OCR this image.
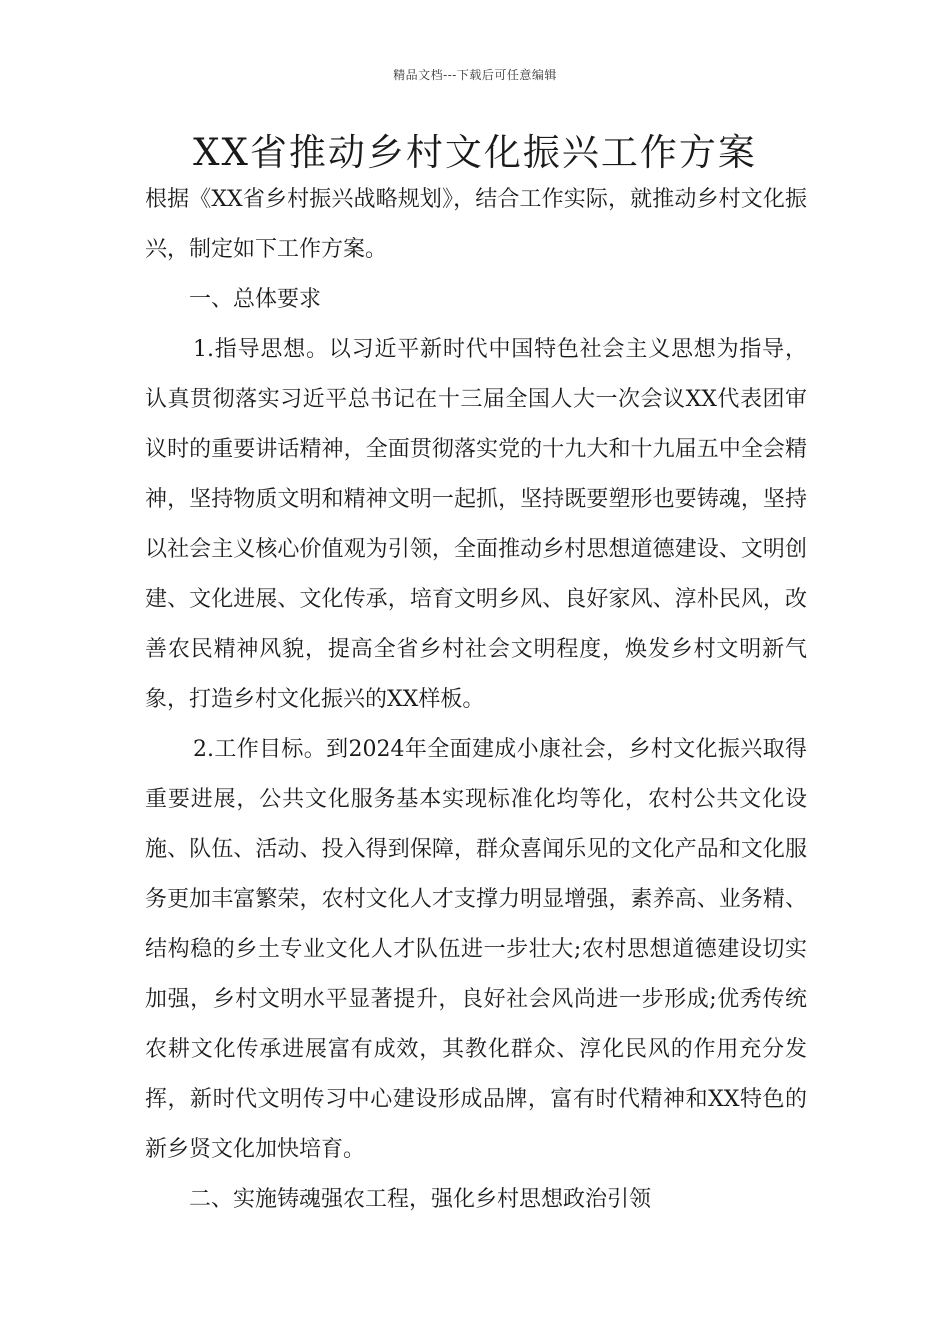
精品文档---下载后可任意编辑
XX省推动乡村文化振兴工作方案

根据《XX省乡村振兴战略规划》，结合工作实际，就推动乡村文化振兴，制定如下工作方案。

一、总体要求

1.指导思想。以习近平新时代中国特色社会主义思想为指导，认真贯彻落实习近平总书记在十三届全国人大一次会议XX代表团审议时的重要讲话精神，全面贯彻落实党的十九大和十九届五中全会精神，坚持物质文明和精神文明一起抓，坚持既要塑形也要铸魂，坚持以社会主义核心价值观为引领，全面推动乡村思想道德建设、文明创建、文化进展、文化传承，培育文明乡风、良好家风、淳朴民风，改善农民精神风貌，提高全省乡村社会文明程度，焕发乡村文明新气象，打造乡村文化振兴的XX样板。

2.工作目标。到2024年全面建成小康社会，乡村文化振兴取得重要进展，公共文化服务基本实现标准化均等化，农村公共文化设施、队伍、活动、投入得到保障，群众喜闻乐见的文化产品和文化服务更加丰富繁荣，农村文化人才支撑力明显增强，素养高、业务精、结构稳的乡土专业文化人才队伍进一步壮大;农村思想道德建设切实加强，乡村文明水平显著提升，良好社会风尚进一步形成;优秀传统农耕文化传承进展富有成效，其教化群众、淳化民风的作用充分发挥，新时代文明传习中心建设形成品牌，富有时代精神和XX特色的新乡贤文化加快培育。

二、实施铸魂强农工程，强化乡村思想政治引领
